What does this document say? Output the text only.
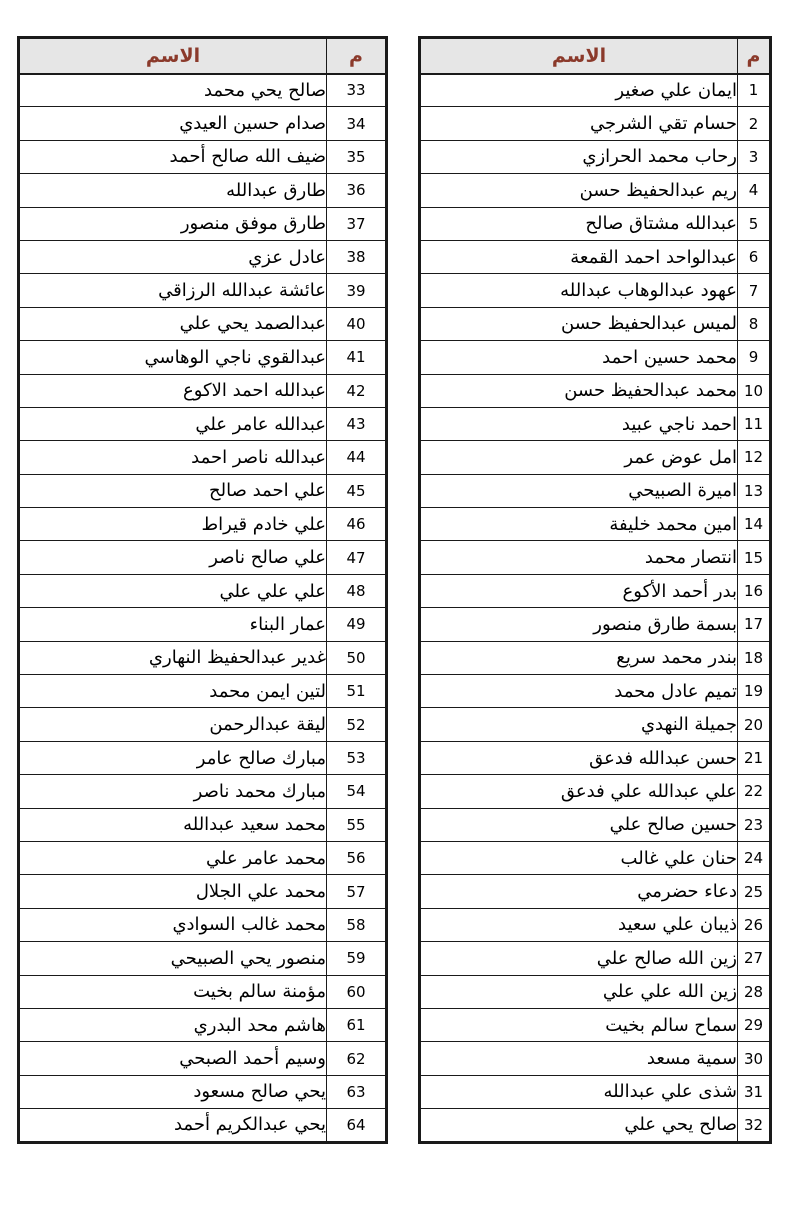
الاسم	م
صالح يحي محمد	33
صدام حسين العيدي	34
ضيف الله صالح أحمد	35
طارق عبدالله	36
طارق موفق منصور	37
عادل عزي	38
عائشة عبدالله الرزاقي	39
عبدالصمد يحي علي	40
عبدالقوي ناجي الوهاسي	41
عبدالله احمد الاكوع	42
عبدالله عامر علي	43
عبدالله ناصر احمد	44
علي احمد صالح	45
علي خادم قيراط	46
علي صالح ناصر	47
علي علي علي	48
عمار البناء	49
غدير عبدالحفيظ النهاري	50
لتين ايمن محمد	51
ليقة عبدالرحمن	52
مبارك صالح عامر	53
مبارك محمد ناصر	54
محمد سعيد عبدالله	55
محمد عامر علي	56
محمد علي الجلال	57
محمد غالب السوادي	58
منصور يحي الصبيحي	59
مؤمنة سالم بخيت	60
هاشم محد البدري	61
وسيم أحمد الصبحي	62
يحي صالح مسعود	63
يحي عبدالكريم أحمد	64
الاسم	م
ايمان علي صغير	1
حسام تقي الشرجي	2
رحاب محمد الحرازي	3
ريم عبدالحفيظ حسن	4
عبدالله مشتاق صالح	5
عبدالواحد احمد القمعة	6
عهود عبدالوهاب عبدالله	7
لميس عبدالحفيظ حسن	8
محمد حسين احمد	9
محمد عبدالحفيظ حسن	10
احمد ناجي عبيد	11
امل عوض عمر	12
اميرة الصبيحي	13
امين محمد خليفة	14
انتصار محمد	15
بدر أحمد الأكوع	16
بسمة طارق منصور	17
بندر محمد سريع	18
تميم عادل محمد	19
جميلة النهدي	20
حسن عبدالله فدعق	21
علي عبدالله علي فدعق	22
حسين صالح علي	23
حنان علي غالب	24
دعاء حضرمي	25
ذيبان علي سعيد	26
زين الله صالح علي	27
زين الله علي علي	28
سماح سالم بخيت	29
سمية مسعد	30
شذى علي عبدالله	31
صالح يحي علي	32
